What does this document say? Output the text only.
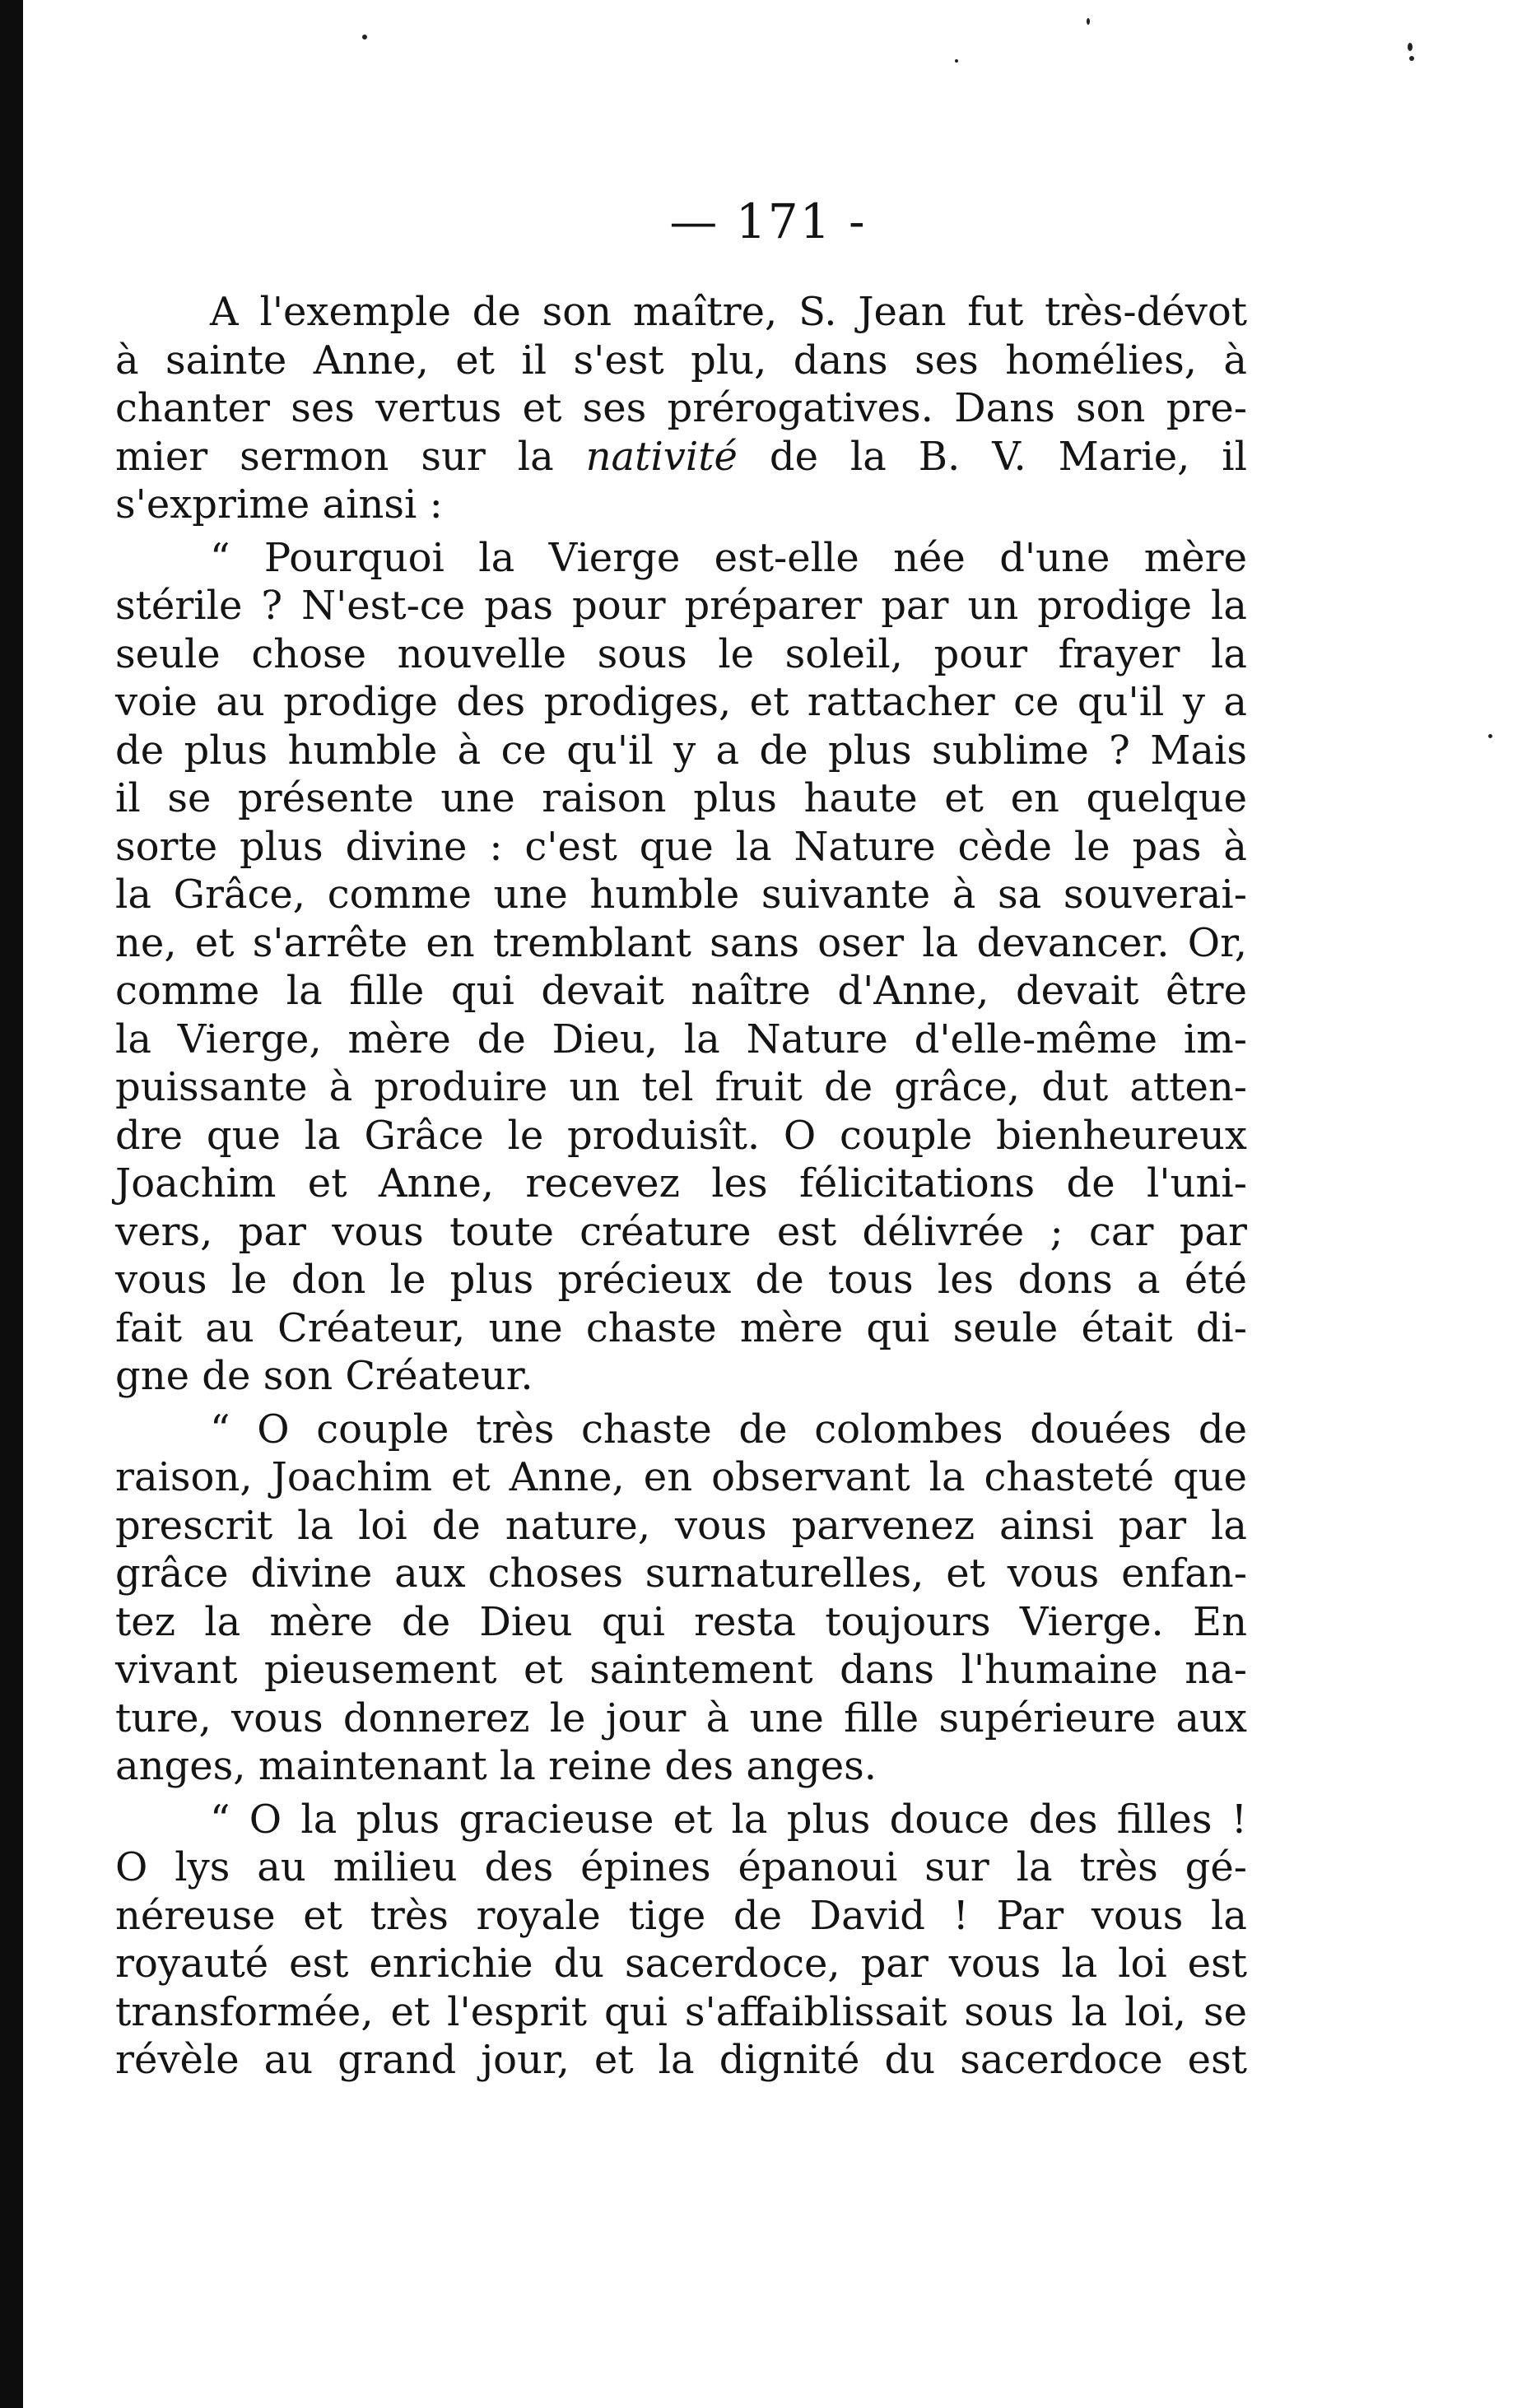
— 171 -

A l'exemple de son maître, S. Jean fut très-dévot
à sainte Anne, et il s'est plu, dans ses homélies, à
chanter ses vertus et ses prérogatives. Dans son pre-
mier sermon sur la nativité de la B. V. Marie, il
s'exprime ainsi :

“ Pourquoi la Vierge est-elle née d'une mère
stérile ? N'est-ce pas pour préparer par un prodige la
seule chose nouvelle sous le soleil, pour frayer la
voie au prodige des prodiges, et rattacher ce qu'il y a
de plus humble à ce qu'il y a de plus sublime ? Mais
il se présente une raison plus haute et en quelque
sorte plus divine : c'est que la Nature cède le pas à
la Grâce, comme une humble suivante à sa souverai-
ne, et s'arrête en tremblant sans oser la devancer. Or,
comme la fille qui devait naître d'Anne, devait être
la Vierge, mère de Dieu, la Nature d'elle-même im-
puissante à produire un tel fruit de grâce, dut atten-
dre que la Grâce le produisît. O couple bienheureux
Joachim et Anne, recevez les félicitations de l'uni-
vers, par vous toute créature est délivrée ; car par
vous le don le plus précieux de tous les dons a été
fait au Créateur, une chaste mère qui seule était di-
gne de son Créateur.

“ O couple très chaste de colombes douées de
raison, Joachim et Anne, en observant la chasteté que
prescrit la loi de nature, vous parvenez ainsi par la
grâce divine aux choses surnaturelles, et vous enfan-
tez la mère de Dieu qui resta toujours Vierge. En
vivant pieusement et saintement dans l'humaine na-
ture, vous donnerez le jour à une fille supérieure aux
anges, maintenant la reine des anges.

“ O la plus gracieuse et la plus douce des filles !
O lys au milieu des épines épanoui sur la très gé-
néreuse et très royale tige de David ! Par vous la
royauté est enrichie du sacerdoce, par vous la loi est
transformée, et l'esprit qui s'affaiblissait sous la loi, se
révèle au grand jour, et la dignité du sacerdoce est
